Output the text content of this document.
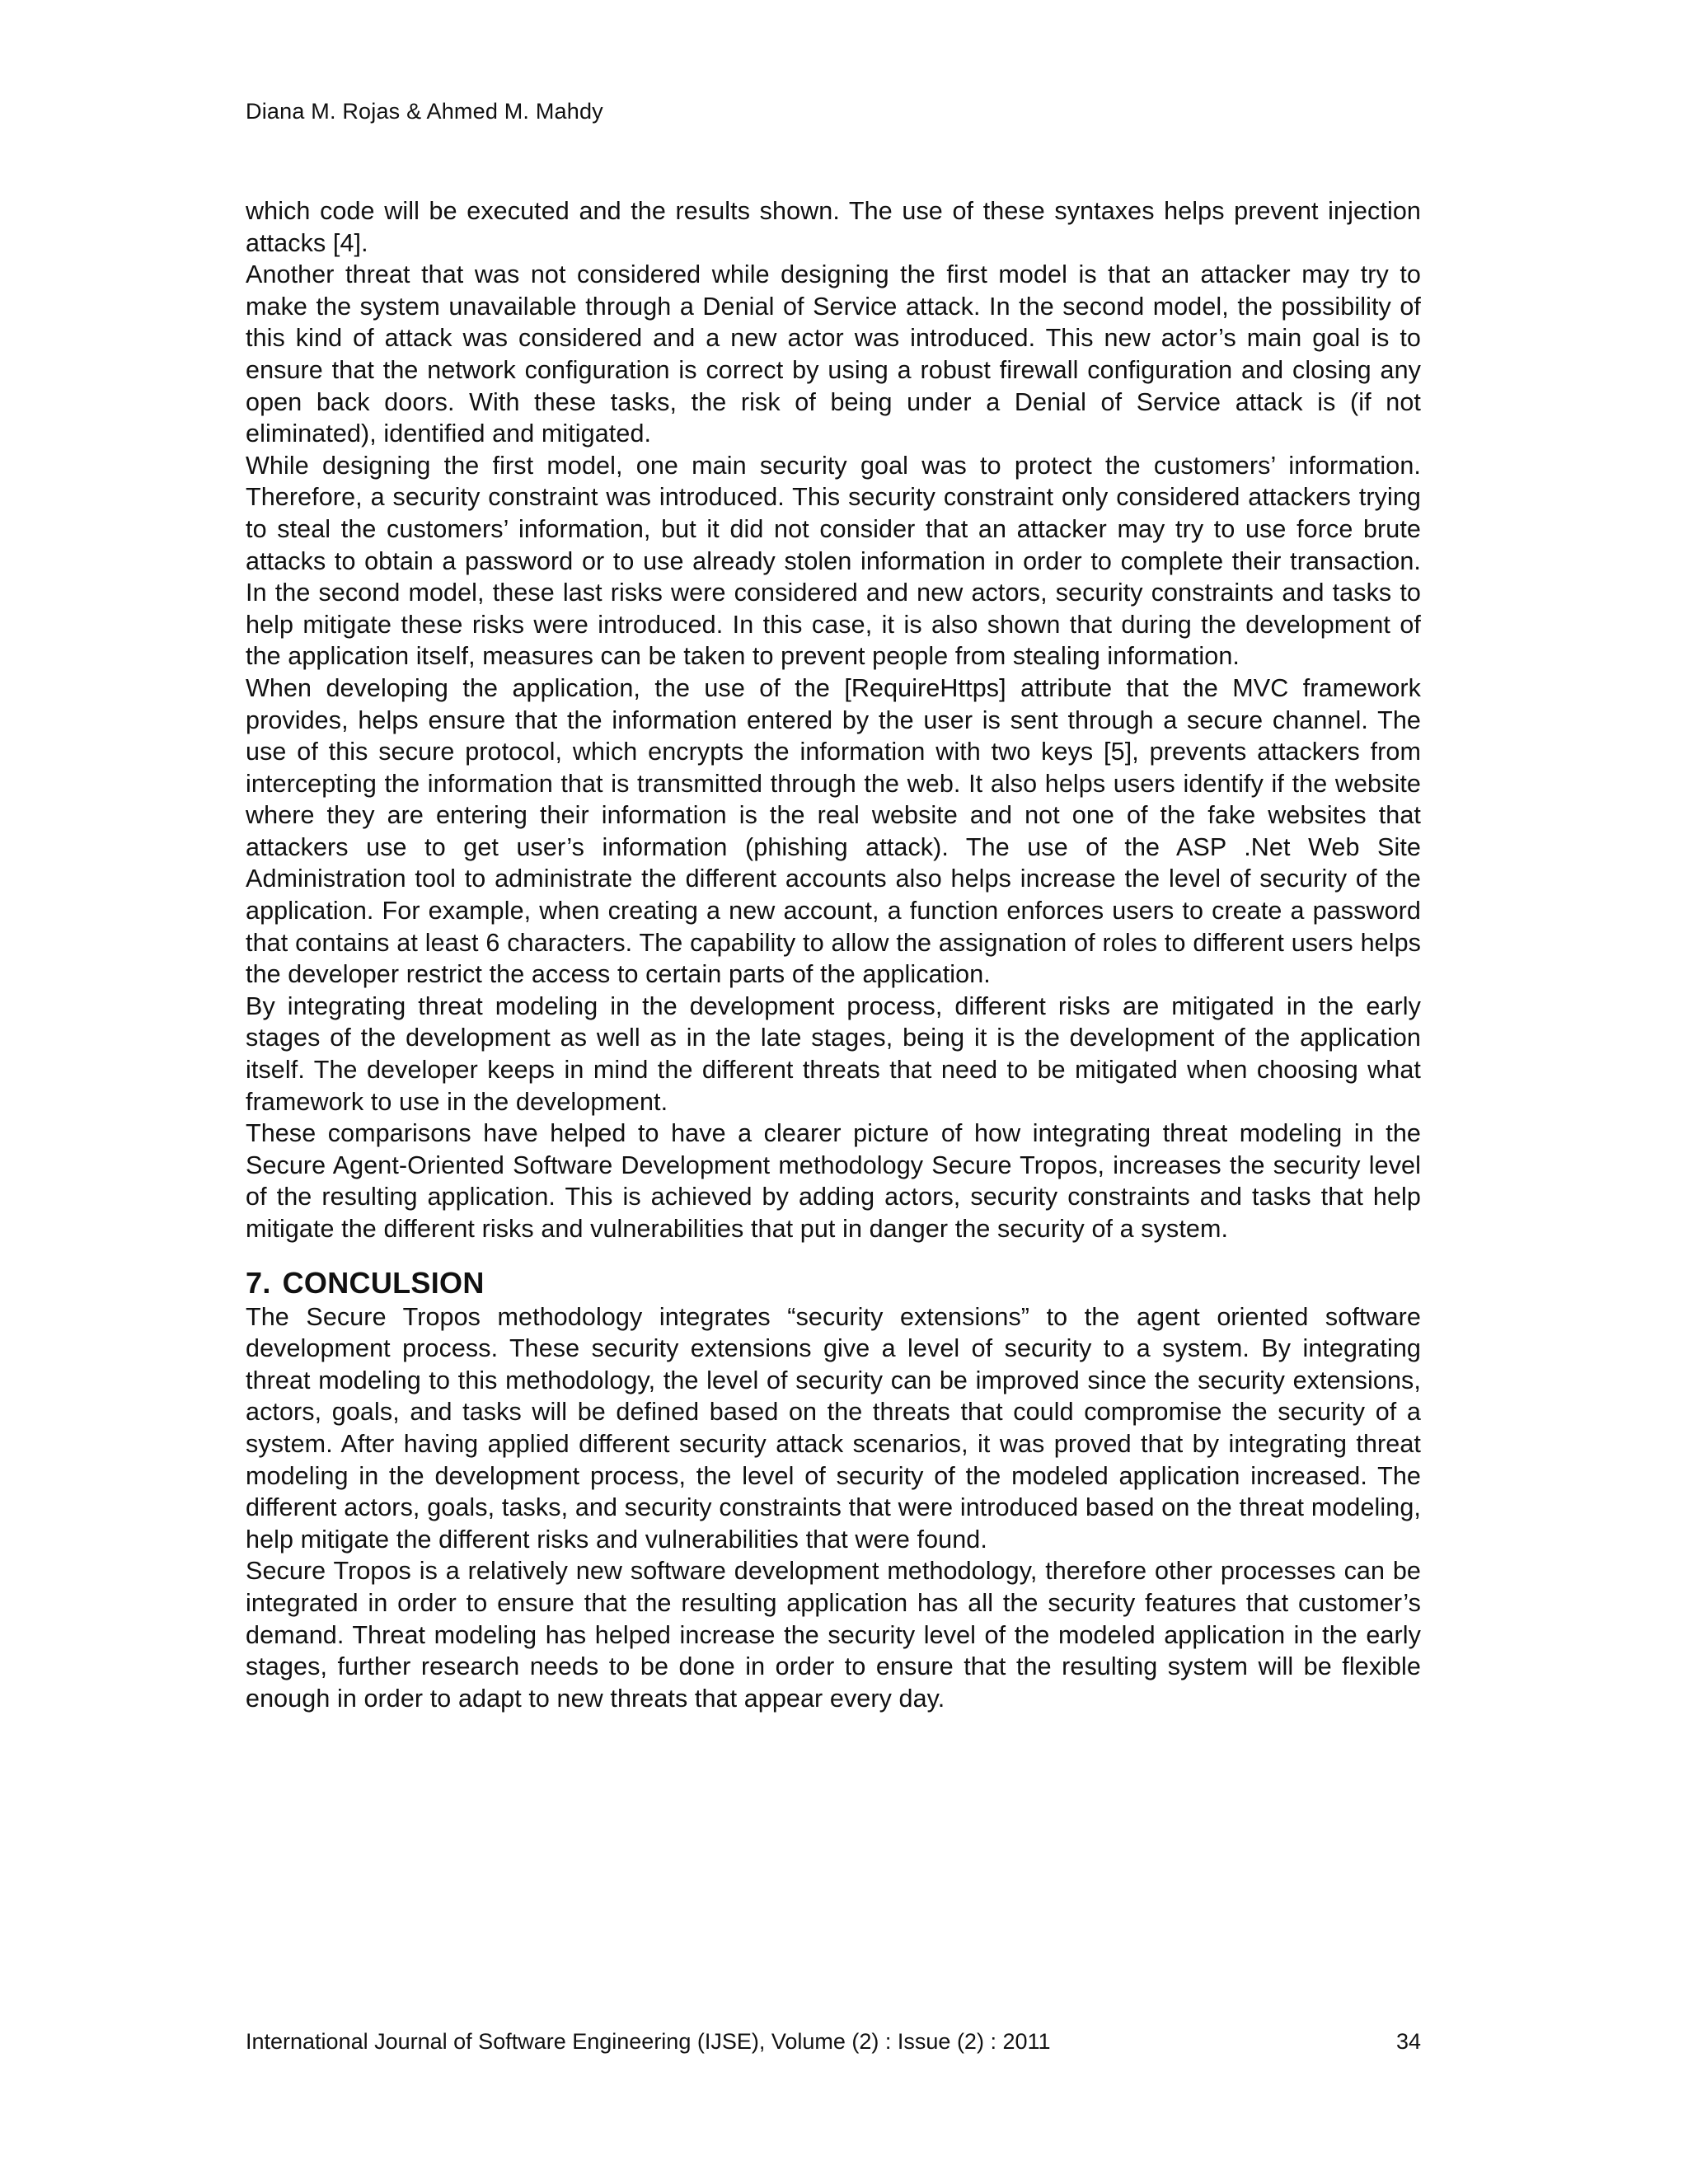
Diana M. Rojas & Ahmed M. Mahdy

which code will be executed and the results shown. The use of these syntaxes helps prevent injection attacks [4].

Another threat that was not considered while designing the first model is that an attacker may try to make the system unavailable through a Denial of Service attack. In the second model, the possibility of this kind of attack was considered and a new actor was introduced. This new actor’s main goal is to ensure that the network configuration is correct by using a robust firewall configuration and closing any open back doors. With these tasks, the risk of being under a Denial of Service attack is (if not eliminated), identified and mitigated.

While designing the first model, one main security goal was to protect the customers’ information. Therefore, a security constraint was introduced. This security constraint only considered attackers trying to steal the customers’ information, but it did not consider that an attacker may try to use force brute attacks to obtain a password or to use already stolen information in order to complete their transaction. In the second model, these last risks were considered and new actors, security constraints and tasks to help mitigate these risks were introduced. In this case, it is also shown that during the development of the application itself, measures can be taken to prevent people from stealing information.

When developing the application, the use of the [RequireHttps] attribute that the MVC framework provides, helps ensure that the information entered by the user is sent through a secure channel. The use of this secure protocol, which encrypts the information with two keys [5], prevents attackers from intercepting the information that is transmitted through the web. It also helps users identify if the website where they are entering their information is the real website and not one of the fake websites that attackers use to get user’s information (phishing attack). The use of the ASP .Net Web Site Administration tool to administrate the different accounts also helps increase the level of security of the application. For example, when creating a new account, a function enforces users to create a password that contains at least 6 characters. The capability to allow the assignation of roles to different users helps the developer restrict the access to certain parts of the application.

By integrating threat modeling in the development process, different risks are mitigated in the early stages of the development as well as in the late stages, being it is the development of the application itself. The developer keeps in mind the different threats that need to be mitigated when choosing what framework to use in the development.

These comparisons have helped to have a clearer picture of how integrating threat modeling in the Secure Agent-Oriented Software Development methodology Secure Tropos, increases the security level of the resulting application. This is achieved by adding actors, security constraints and tasks that help mitigate the different risks and vulnerabilities that put in danger the security of a system.

7. CONCULSION

The Secure Tropos methodology integrates “security extensions” to the agent oriented software development process. These security extensions give a level of security to a system. By integrating threat modeling to this methodology, the level of security can be improved since the security extensions, actors, goals, and tasks will be defined based on the threats that could compromise the security of a system. After having applied different security attack scenarios, it was proved that by integrating threat modeling in the development process, the level of security of the modeled application increased. The different actors, goals, tasks, and security constraints that were introduced based on the threat modeling, help mitigate the different risks and vulnerabilities that were found.

Secure Tropos is a relatively new software development methodology, therefore other processes can be integrated in order to ensure that the resulting application has all the security features that customer’s demand. Threat modeling has helped increase the security level of the modeled application in the early stages, further research needs to be done in order to ensure that the resulting system will be flexible enough in order to adapt to new threats that appear every day.

International Journal of Software Engineering (IJSE), Volume (2) : Issue (2) : 2011	34
